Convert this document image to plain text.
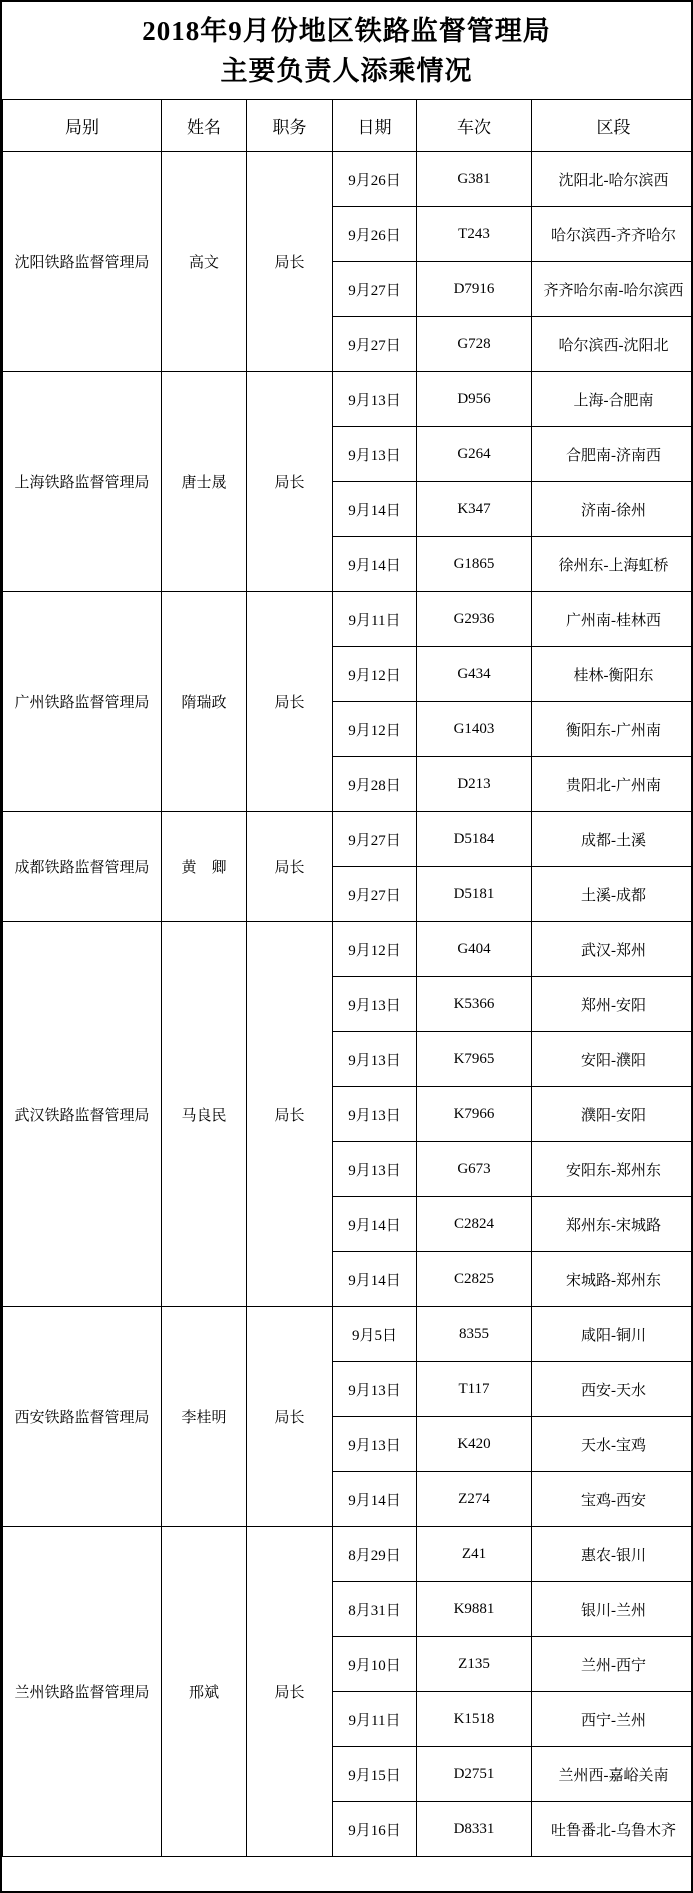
2018年9月份地区铁路监督管理局
主要负责人添乘情况
局别	姓名	职务	日期	车次	区段
沈阳铁路监督管理局	高文	局长	9月26日	G381	沈阳北-哈尔滨西
			9月26日	T243	哈尔滨西-齐齐哈尔
			9月27日	D7916	齐齐哈尔南-哈尔滨西
			9月27日	G728	哈尔滨西-沈阳北
上海铁路监督管理局	唐士晟	局长	9月13日	D956	上海-合肥南
			9月13日	G264	合肥南-济南西
			9月14日	K347	济南-徐州
			9月14日	G1865	徐州东-上海虹桥
广州铁路监督管理局	隋瑞政	局长	9月11日	G2936	广州南-桂林西
			9月12日	G434	桂林-衡阳东
			9月12日	G1403	衡阳东-广州南
			9月28日	D213	贵阳北-广州南
成都铁路监督管理局	黄　卿	局长	9月27日	D5184	成都-土溪
			9月27日	D5181	土溪-成都
武汉铁路监督管理局	马良民	局长	9月12日	G404	武汉-郑州
			9月13日	K5366	郑州-安阳
			9月13日	K7965	安阳-濮阳
			9月13日	K7966	濮阳-安阳
			9月13日	G673	安阳东-郑州东
			9月14日	C2824	郑州东-宋城路
			9月14日	C2825	宋城路-郑州东
西安铁路监督管理局	李桂明	局长	9月5日	8355	咸阳-铜川
			9月13日	T117	西安-天水
			9月13日	K420	天水-宝鸡
			9月14日	Z274	宝鸡-西安
兰州铁路监督管理局	邢斌	局长	8月29日	Z41	惠农-银川
			8月31日	K9881	银川-兰州
			9月10日	Z135	兰州-西宁
			9月11日	K1518	西宁-兰州
			9月15日	D2751	兰州西-嘉峪关南
			9月16日	D8331	吐鲁番北-乌鲁木齐
